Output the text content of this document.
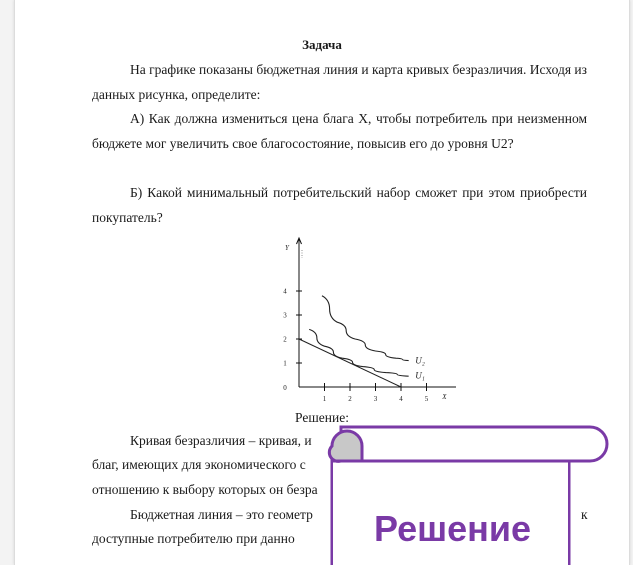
Задача

На графике показаны бюджетная линия и карта кривых безразличия. Исходя из данных рисунка, определите:

А) Как должна измениться цена блага X, чтобы потребитель при неизменном бюджете мог увеличить свое благосостояние, повысив его до уровня U2?

Б) Какой минимальный потребительский набор сможет при этом приобрести покупатель?

Y
X
0
1
2
3
4
1	2	3	4	5
U₂
U₁
Решение:
Кривая безразличия – кривая, и
благ, имеющих для экономического с
отношению к выбору которых он безра
Бюджетная линия – это геометр	к
доступные потребителю при данно	Решение
